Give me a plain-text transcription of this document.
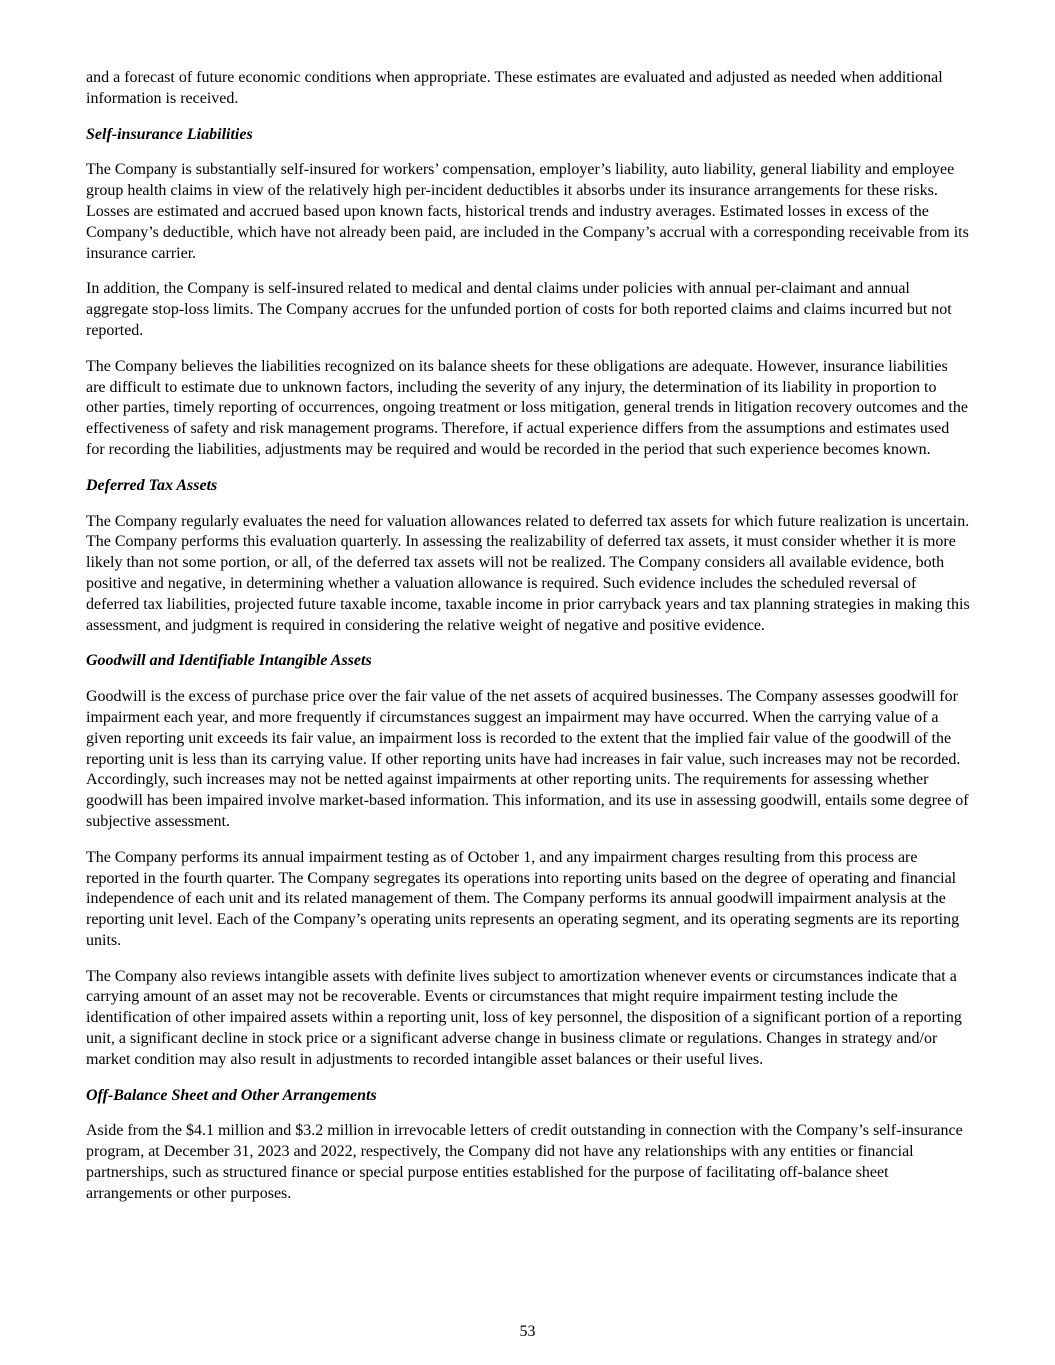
and a forecast of future economic conditions when appropriate. These estimates are evaluated and adjusted as needed when additional information is received.

Self-insurance Liabilities

The Company is substantially self-insured for workers’ compensation, employer’s liability, auto liability, general liability and employee group health claims in view of the relatively high per-incident deductibles it absorbs under its insurance arrangements for these risks. Losses are estimated and accrued based upon known facts, historical trends and industry averages. Estimated losses in excess of the Company’s deductible, which have not already been paid, are included in the Company’s accrual with a corresponding receivable from its insurance carrier.

In addition, the Company is self-insured related to medical and dental claims under policies with annual per-claimant and annual aggregate stop-loss limits. The Company accrues for the unfunded portion of costs for both reported claims and claims incurred but not reported.

The Company believes the liabilities recognized on its balance sheets for these obligations are adequate. However, insurance liabilities are difficult to estimate due to unknown factors, including the severity of any injury, the determination of its liability in proportion to other parties, timely reporting of occurrences, ongoing treatment or loss mitigation, general trends in litigation recovery outcomes and the effectiveness of safety and risk management programs. Therefore, if actual experience differs from the assumptions and estimates used for recording the liabilities, adjustments may be required and would be recorded in the period that such experience becomes known.

Deferred Tax Assets

The Company regularly evaluates the need for valuation allowances related to deferred tax assets for which future realization is uncertain. The Company performs this evaluation quarterly. In assessing the realizability of deferred tax assets, it must consider whether it is more likely than not some portion, or all, of the deferred tax assets will not be realized. The Company considers all available evidence, both positive and negative, in determining whether a valuation allowance is required. Such evidence includes the scheduled reversal of deferred tax liabilities, projected future taxable income, taxable income in prior carryback years and tax planning strategies in making this assessment, and judgment is required in considering the relative weight of negative and positive evidence.

Goodwill and Identifiable Intangible Assets

Goodwill is the excess of purchase price over the fair value of the net assets of acquired businesses. The Company assesses goodwill for impairment each year, and more frequently if circumstances suggest an impairment may have occurred. When the carrying value of a given reporting unit exceeds its fair value, an impairment loss is recorded to the extent that the implied fair value of the goodwill of the reporting unit is less than its carrying value. If other reporting units have had increases in fair value, such increases may not be recorded. Accordingly, such increases may not be netted against impairments at other reporting units. The requirements for assessing whether goodwill has been impaired involve market-based information. This information, and its use in assessing goodwill, entails some degree of subjective assessment.

The Company performs its annual impairment testing as of October 1, and any impairment charges resulting from this process are reported in the fourth quarter. The Company segregates its operations into reporting units based on the degree of operating and financial independence of each unit and its related management of them. The Company performs its annual goodwill impairment analysis at the reporting unit level. Each of the Company’s operating units represents an operating segment, and its operating segments are its reporting units.

The Company also reviews intangible assets with definite lives subject to amortization whenever events or circumstances indicate that a carrying amount of an asset may not be recoverable. Events or circumstances that might require impairment testing include the identification of other impaired assets within a reporting unit, loss of key personnel, the disposition of a significant portion of a reporting unit, a significant decline in stock price or a significant adverse change in business climate or regulations. Changes in strategy and/or market condition may also result in adjustments to recorded intangible asset balances or their useful lives.

Off-Balance Sheet and Other Arrangements

Aside from the $4.1 million and $3.2 million in irrevocable letters of credit outstanding in connection with the Company’s self-insurance program, at December 31, 2023 and 2022, respectively, the Company did not have any relationships with any entities or financial partnerships, such as structured finance or special purpose entities established for the purpose of facilitating off-balance sheet arrangements or other purposes.

53
